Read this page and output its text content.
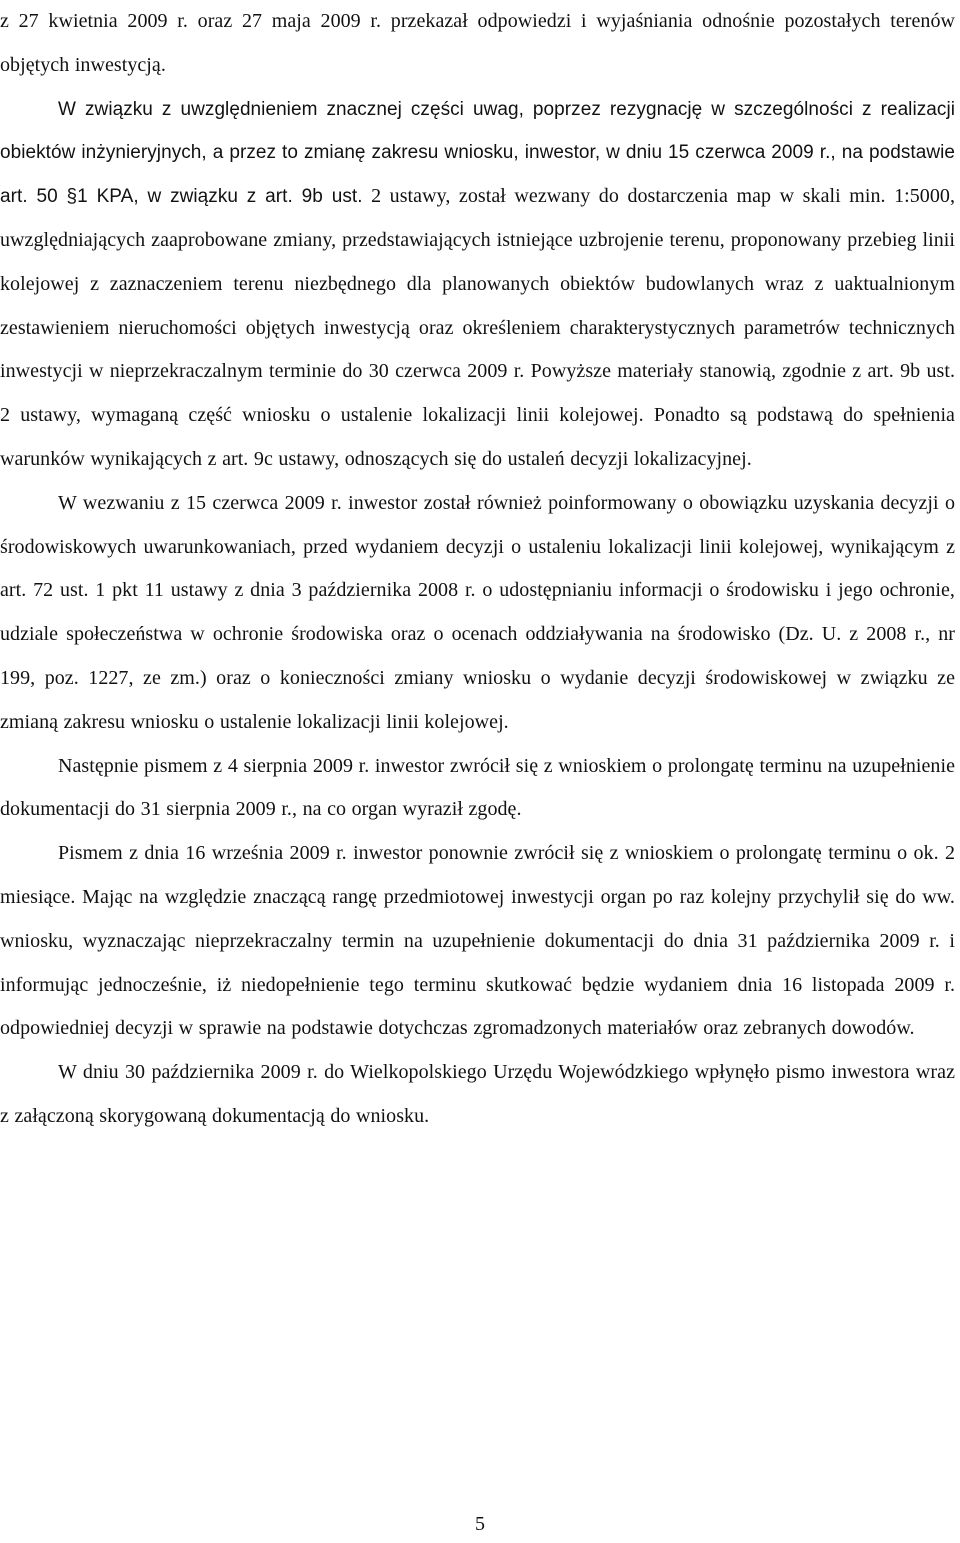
z 27 kwietnia 2009 r. oraz 27 maja 2009 r. przekazał odpowiedzi i wyjaśniania odnośnie pozostałych terenów objętych inwestycją.

W związku z uwzględnieniem znacznej części uwag, poprzez rezygnację w szczególności z realizacji obiektów inżynieryjnych, a przez to zmianę zakresu wniosku, inwestor, w dniu 15 czerwca 2009 r., na podstawie art. 50 §1 KPA, w związku z art. 9b ust. 2 ustawy, został wezwany do dostarczenia map w skali min. 1:5000, uwzględniających zaaprobowane zmiany, przedstawiających istniejące uzbrojenie terenu, proponowany przebieg linii kolejowej z zaznaczeniem terenu niezbędnego dla planowanych obiektów budowlanych wraz z uaktualnionym zestawieniem nieruchomości objętych inwestycją oraz określeniem charakterystycznych parametrów technicznych inwestycji w nieprzekraczalnym terminie do 30 czerwca 2009 r. Powyższe materiały stanowią, zgodnie z art. 9b ust. 2 ustawy, wymaganą część wniosku o ustalenie lokalizacji linii kolejowej. Ponadto są podstawą do spełnienia warunków wynikających z art. 9c ustawy, odnoszących się do ustaleń decyzji lokalizacyjnej.

W wezwaniu z 15 czerwca 2009 r. inwestor został również poinformowany o obowiązku uzyskania decyzji o środowiskowych uwarunkowaniach, przed wydaniem decyzji o ustaleniu lokalizacji linii kolejowej, wynikającym z art. 72 ust. 1 pkt 11 ustawy z dnia 3 października 2008 r. o udostępnianiu informacji o środowisku i jego ochronie, udziale społeczeństwa w ochronie środowiska oraz o ocenach oddziaływania na środowisko (Dz. U. z 2008 r., nr 199, poz. 1227, ze zm.) oraz o konieczności zmiany wniosku o wydanie decyzji środowiskowej w związku ze zmianą zakresu wniosku o ustalenie lokalizacji linii kolejowej.

Następnie pismem z 4 sierpnia 2009 r. inwestor zwrócił się z wnioskiem o prolongatę terminu na uzupełnienie dokumentacji do 31 sierpnia 2009 r., na co organ wyraził zgodę.

Pismem z dnia 16 września 2009 r. inwestor ponownie zwrócił się z wnioskiem o prolongatę terminu o ok. 2 miesiące. Mając na względzie znaczącą rangę przedmiotowej inwestycji organ po raz kolejny przychylił się do ww. wniosku, wyznaczając nieprzekraczalny termin na uzupełnienie dokumentacji do dnia 31 października 2009 r. i informując jednocześnie, iż niedopełnienie tego terminu skutkować będzie wydaniem dnia 16 listopada 2009 r. odpowiedniej decyzji w sprawie na podstawie dotychczas zgromadzonych materiałów oraz zebranych dowodów.

W dniu 30 października 2009 r. do Wielkopolskiego Urzędu Wojewódzkiego wpłynęło pismo inwestora wraz z załączoną skorygowaną dokumentacją do wniosku.

5
